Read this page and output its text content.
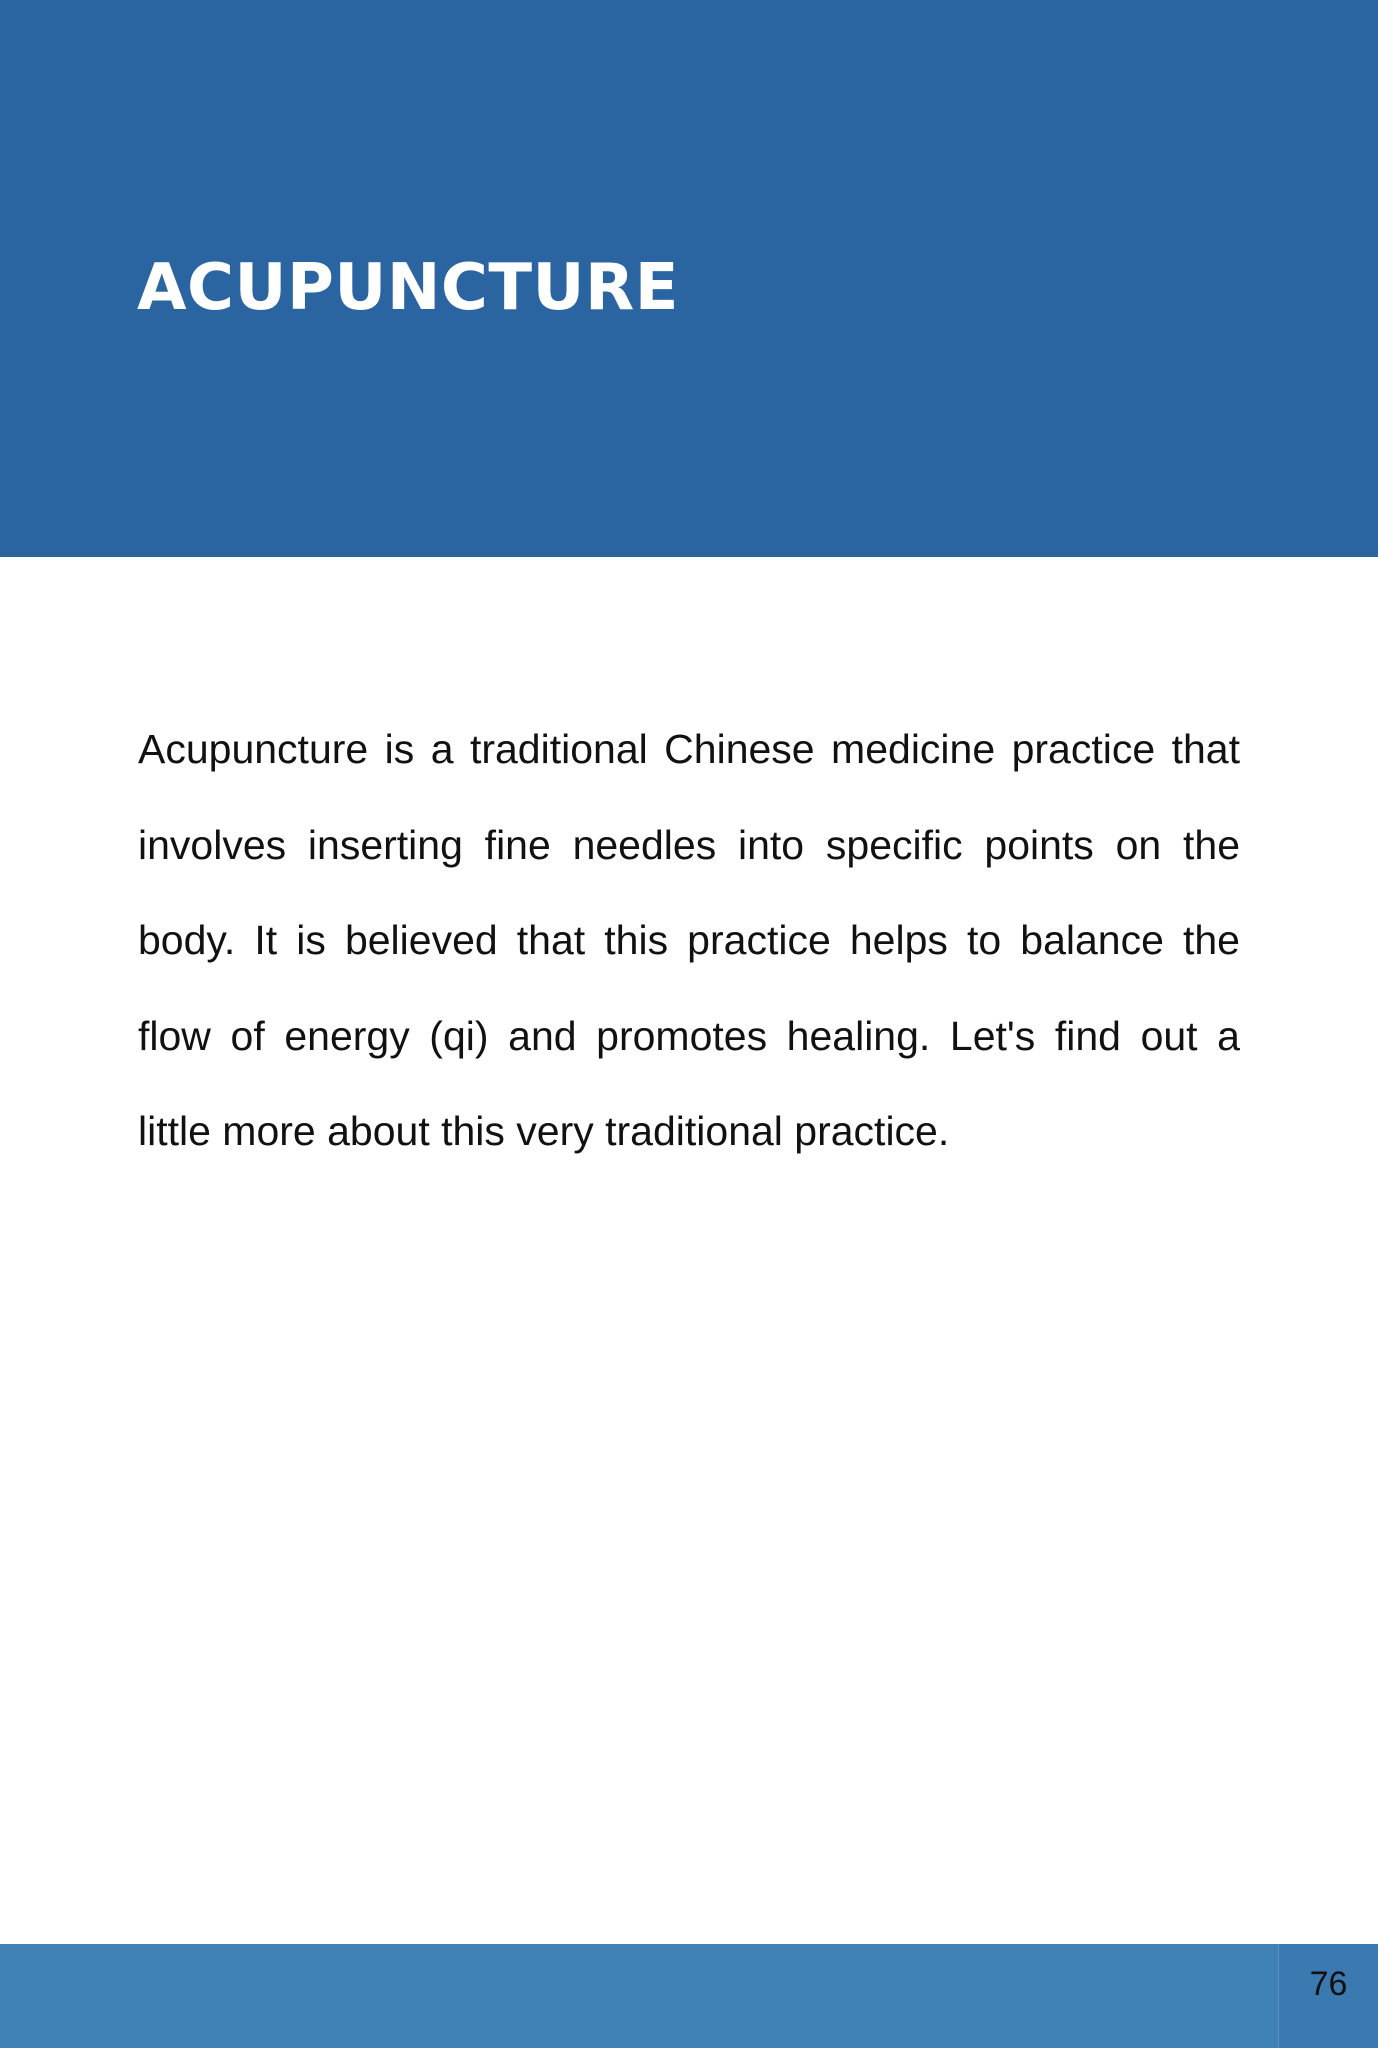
ACUPUNCTURE

Acupuncture is a traditional Chinese medicine practice that involves inserting fine needles into specific points on the body. It is believed that this practice helps to balance the flow of energy (qi) and promotes healing. Let's find out a little more about this very traditional practice.

76
